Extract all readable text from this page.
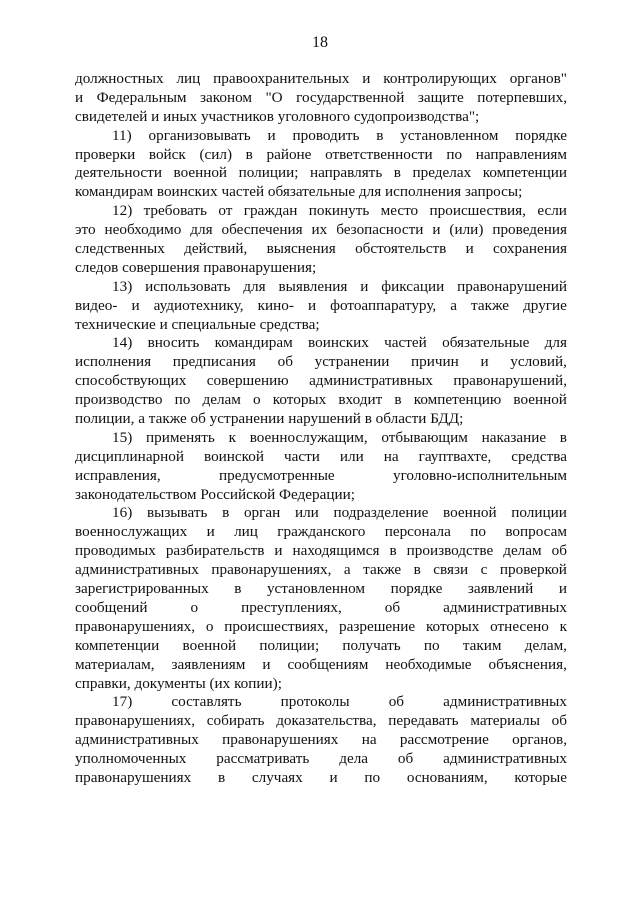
18
должностных лиц правоохранительных и контролирующих органов"
и Федеральным законом "О государственной защите потерпевших,
свидетелей и иных участников уголовного судопроизводства";
11) организовывать и проводить в установленном порядке
проверки войск (сил) в районе ответственности по направлениям
деятельности военной полиции; направлять в пределах компетенции
командирам воинских частей обязательные для исполнения запросы;
12) требовать от граждан покинуть место происшествия, если
это необходимо для обеспечения их безопасности и (или) проведения
следственных действий, выяснения обстоятельств и сохранения
следов совершения правонарушения;
13) использовать для выявления и фиксации правонарушений
видео- и аудиотехнику, кино- и фотоаппаратуру, а также другие
технические и специальные средства;
14) вносить командирам воинских частей обязательные для
исполнения предписания об устранении причин и условий,
способствующих совершению административных правонарушений,
производство по делам о которых входит в компетенцию военной
полиции, а также об устранении нарушений в области БДД;
15) применять к военнослужащим, отбывающим наказание в
дисциплинарной воинской части или на гауптвахте, средства
исправления,	предусмотренные	уголовно-исполнительным
законодательством Российской Федерации;
16) вызывать в орган или подразделение военной полиции
военнослужащих и лиц гражданского персонала по вопросам
проводимых разбирательств и находящимся в производстве делам об
административных правонарушениях, а также в связи с проверкой
зарегистрированных в установленном порядке заявлений и
сообщений	о	преступлениях,	об	административных
правонарушениях, о происшествиях, разрешение которых отнесено к
компетенции военной полиции; получать по таким делам,
материалам, заявлениям и сообщениям необходимые объяснения,
справки, документы (их копии);
17)	составлять	протоколы	об	административных
правонарушениях, собирать доказательства, передавать материалы об
административных правонарушениях на рассмотрение органов,
уполномоченных рассматривать дела об административных
правонарушениях в случаях и по основаниям, которые
